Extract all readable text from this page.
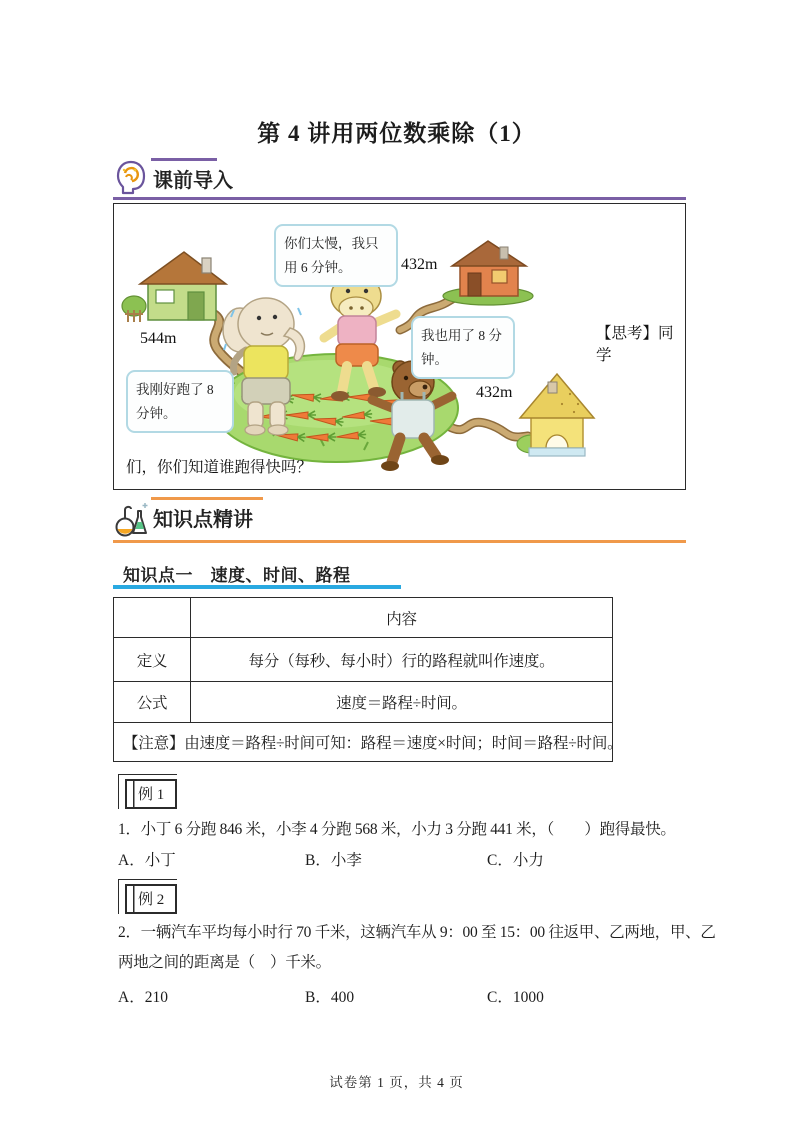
第 4 讲用两位数乘除（1）
课前导入
你们太慢，我只用 6 分钟。
我也用了 8 分钟。
我刚好跑了 8 分钟。
544m
432m
432m
【思考】同学
们，你们知道谁跑得快吗？
知识点精讲
知识点一　速度、时间、路程
	内容
定义	每分（每秒、每小时）行的路程就叫作速度。
公式	速度＝路程÷时间。
【注意】由速度＝路程÷时间可知：路程＝速度×时间；时间＝路程÷时间。	
例 1
1．小丁 6 分跑 846 米，小李 4 分跑 568 米，小力 3 分跑 441 米，（　　）跑得最快。
A．小丁	B．小李	C．小力
例 2
2．一辆汽车平均每小时行 70 千米，这辆汽车从 9：00 至 15：00 往返甲、乙两地，甲、乙
两地之间的距离是（　）千米。
A．210	B．400	C．1000
试卷第 1 页，共 4 页
